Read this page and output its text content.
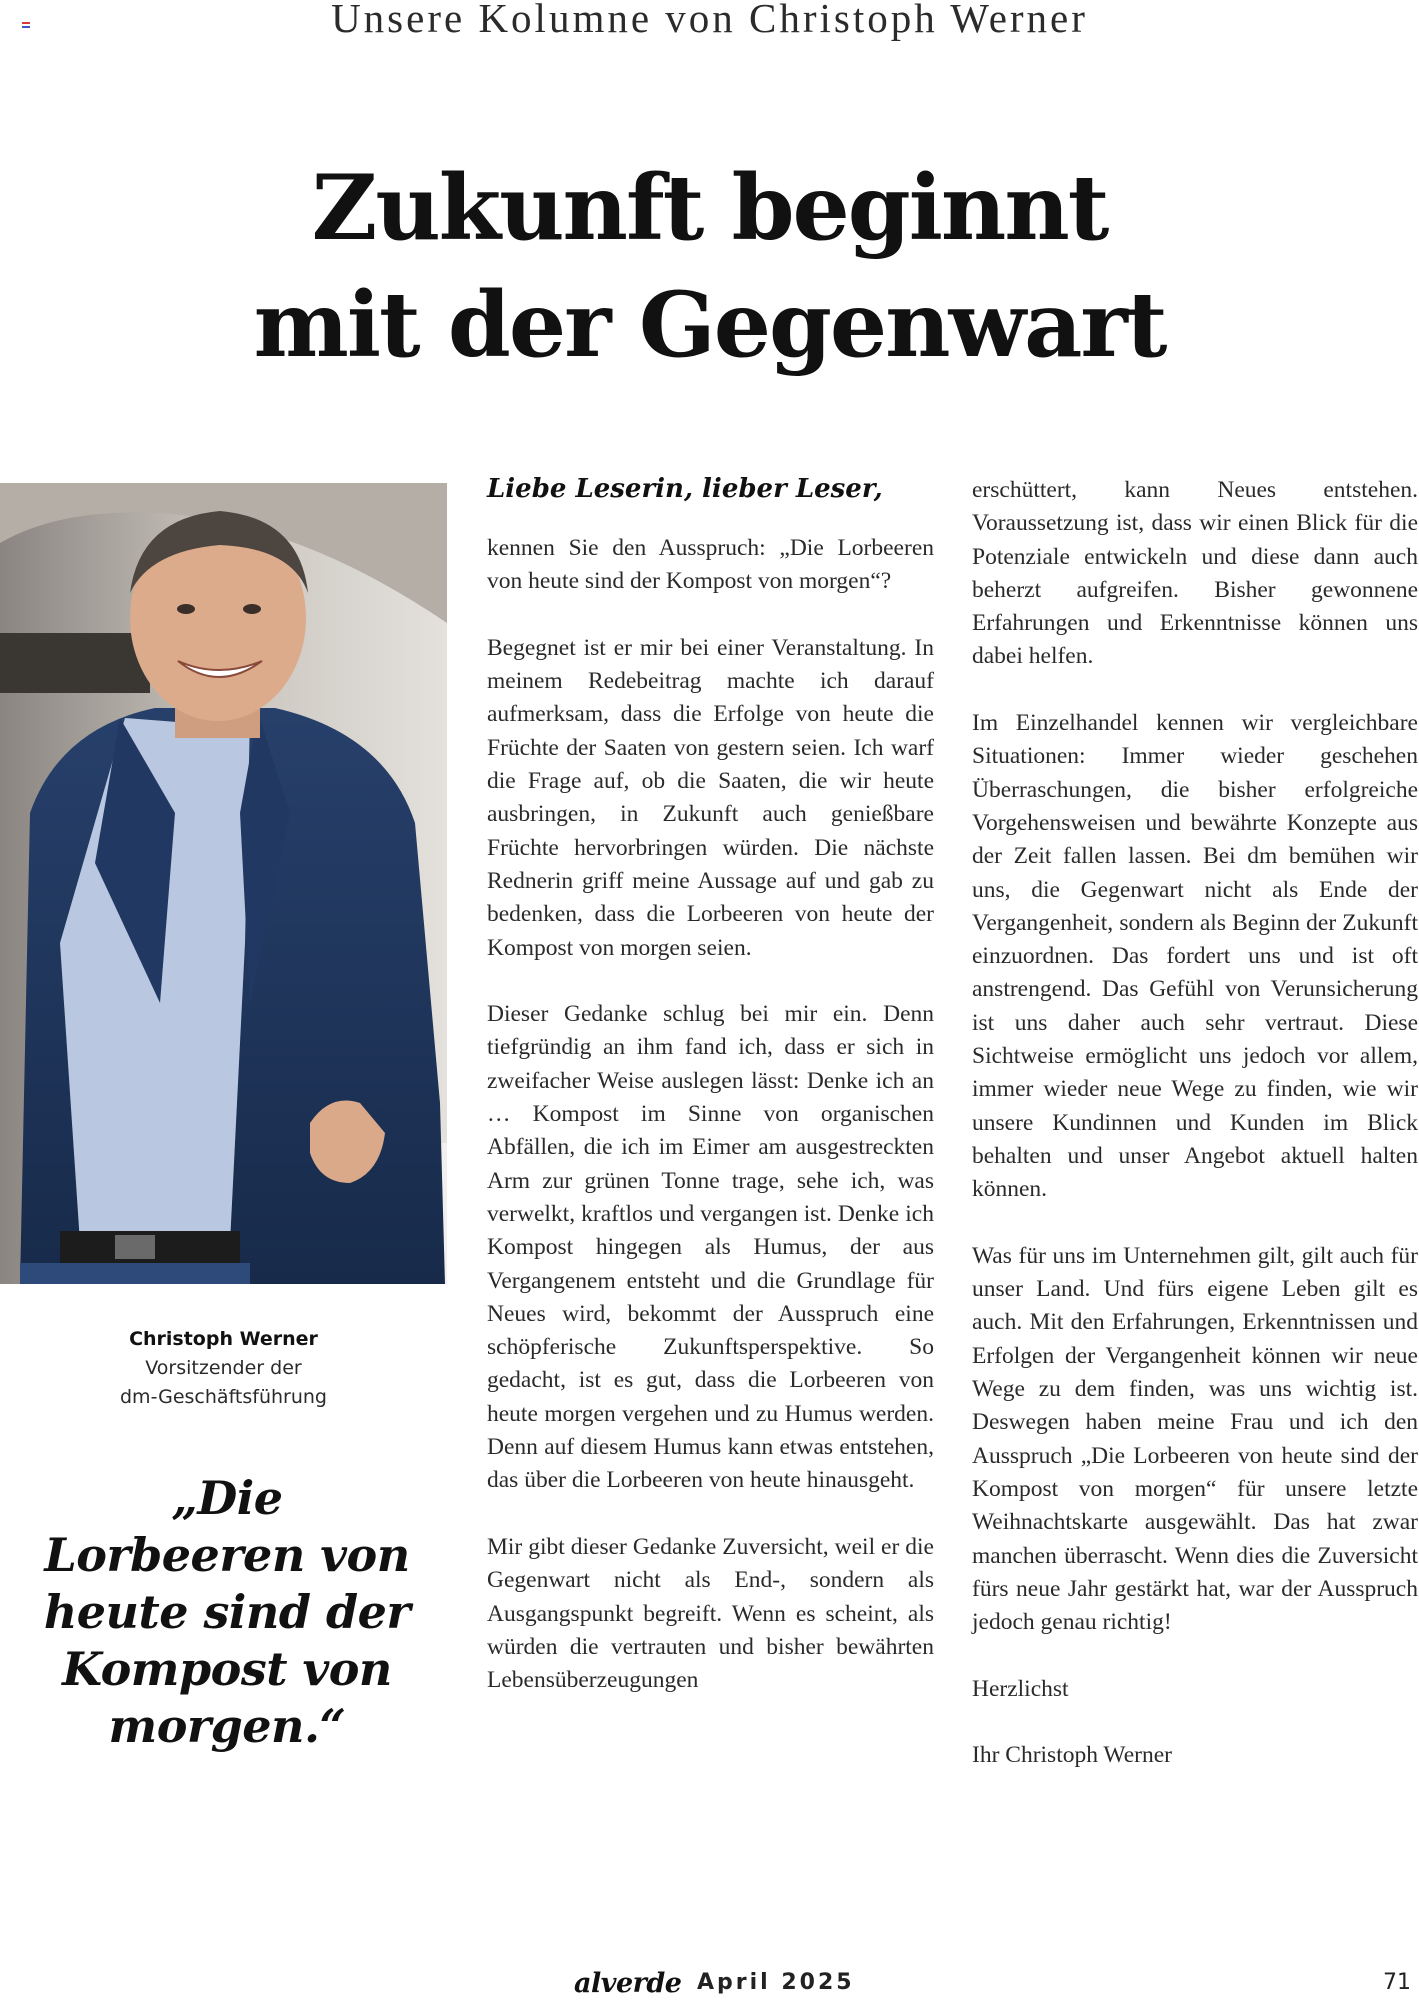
Unsere Kolumne von Christoph Werner
Zukunft beginnt
mit der Gegenwart
Christoph Werner
Vorsitzender der
dm-Geschäftsführung

„Die Lorbeeren von heute sind der Kompost von morgen.“

Liebe Leserin, lieber Leser,

kennen Sie den Ausspruch: „Die Lorbeeren von heute sind der Kompost von morgen“?

Begegnet ist er mir bei einer Veranstaltung. In meinem Redebeitrag machte ich darauf aufmerksam, dass die Erfolge von heute die Früchte der Saaten von gestern seien. Ich warf die Frage auf, ob die Saaten, die wir heute ausbringen, in Zukunft auch genießbare Früchte hervorbringen würden. Die nächste Rednerin griff meine Aussage auf und gab zu bedenken, dass die Lorbeeren von heute der Kompost von morgen seien.

Dieser Gedanke schlug bei mir ein. Denn tiefgründig an ihm fand ich, dass er sich in zweifacher Weise auslegen lässt: Denke ich an … Kompost im Sinne von organischen Abfällen, die ich im Eimer am ausgestreckten Arm zur grünen Tonne trage, sehe ich, was verwelkt, kraftlos und vergangen ist. Denke ich Kompost hingegen als Humus, der aus Vergangenem entsteht und die Grundlage für Neues wird, bekommt der Ausspruch eine schöpferische Zukunftsperspektive. So gedacht, ist es gut, dass die Lorbeeren von heute morgen vergehen und zu Humus werden. Denn auf diesem Humus kann etwas entstehen, das über die Lorbeeren von heute hinausgeht.

Mir gibt dieser Gedanke Zuversicht, weil er die Gegenwart nicht als End-, sondern als Ausgangspunkt begreift. Wenn es scheint, als würden die vertrauten und bisher bewährten Lebensüberzeugungen

erschüttert, kann Neues entstehen. Voraussetzung ist, dass wir einen Blick für die Potenziale entwickeln und diese dann auch beherzt aufgreifen. Bisher gewonnene Erfahrungen und Erkenntnisse können uns dabei helfen.

Im Einzelhandel kennen wir vergleichbare Situationen: Immer wieder geschehen Überraschungen, die bisher erfolgreiche Vorgehensweisen und bewährte Konzepte aus der Zeit fallen lassen. Bei dm bemühen wir uns, die Gegenwart nicht als Ende der Vergangenheit, sondern als Beginn der Zukunft einzuordnen. Das fordert uns und ist oft anstrengend. Das Gefühl von Verunsicherung ist uns daher auch sehr vertraut. Diese Sichtweise ermöglicht uns jedoch vor allem, immer wieder neue Wege zu finden, wie wir unsere Kundinnen und Kunden im Blick behalten und unser Angebot aktuell halten können.

Was für uns im Unternehmen gilt, gilt auch für unser Land. Und fürs eigene Leben gilt es auch. Mit den Erfahrungen, Erkenntnissen und Erfolgen der Vergangenheit können wir neue Wege zu dem finden, was uns wichtig ist. Deswegen haben meine Frau und ich den Ausspruch „Die Lorbeeren von heute sind der Kompost von morgen“ für unsere letzte Weihnachtskarte ausgewählt. Das hat zwar manchen überrascht. Wenn dies die Zuversicht fürs neue Jahr gestärkt hat, war der Ausspruch jedoch genau richtig!

Herzlichst

Ihr Christoph Werner

alverde April 2025	71
